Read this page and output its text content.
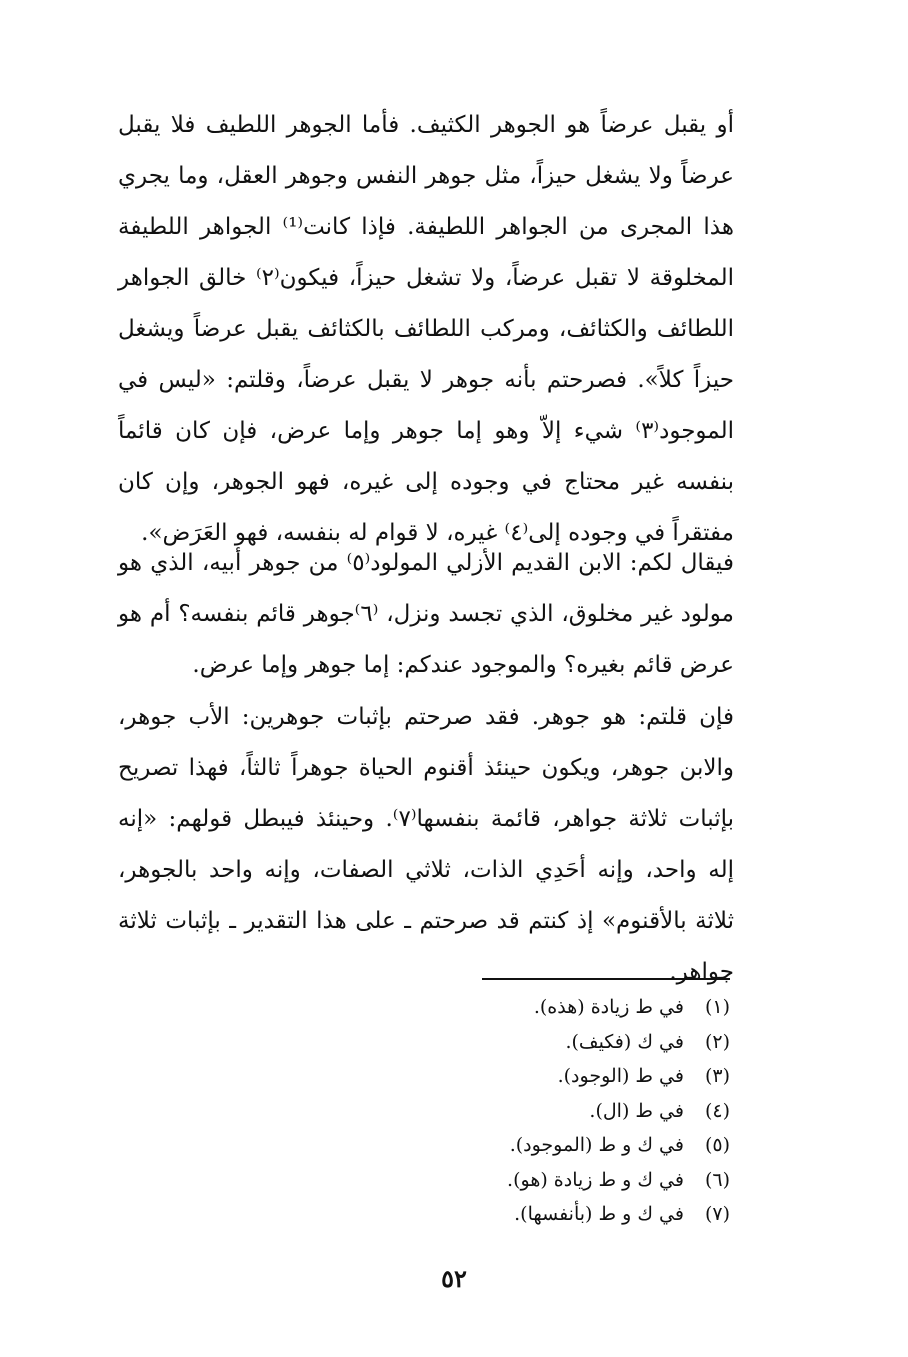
أو يقبل عرضاً هو الجوهر الكثيف. فأما الجوهر اللطيف فلا يقبل عرضاً ولا يشغل حيزاً، مثل جوهر النفس وجوهر العقل، وما يجري هذا المجرى من الجواهر اللطيفة. فإذا كانت⁽¹⁾ الجواهر اللطيفة المخلوقة لا تقبل عرضاً، ولا تشغل حيزاً، فيكون⁽٢⁾ خالق الجواهر اللطائف والكثائف، ومركب اللطائف بالكثائف يقبل عرضاً ويشغل حيزاً كلاً». فصرحتم بأنه جوهر لا يقبل عرضاً، وقلتم: «ليس في الموجود⁽٣⁾ شيء إلاّ وهو إما جوهر وإما عرض، فإن كان قائماً بنفسه غير محتاج في وجوده إلى غيره، فهو الجوهر، وإن كان مفتقراً في وجوده إلى⁽٤⁾ غيره، لا قوام له بنفسه، فهو العَرَض».

فيقال لكم: الابن القديم الأزلي المولود⁽٥⁾ من جوهر أبيه، الذي هو مولود غير مخلوق، الذي تجسد ونزل، ⁽٦⁾جوهر قائم بنفسه؟ أم هو عرض قائم بغيره؟ والموجود عندكم: إما جوهر وإما عرض.

فإن قلتم: هو جوهر. فقد صرحتم بإثبات جوهرين: الأب جوهر، والابن جوهر، ويكون حينئذ أقنوم الحياة جوهراً ثالثاً، فهذا تصريح بإثبات ثلاثة جواهر، قائمة بنفسها⁽٧⁾. وحينئذ فيبطل قولهم: «إنه إله واحد، وإنه أحَدِي الذات، ثلاثي الصفات، وإنه واحد بالجوهر، ثلاثة بالأقنوم» إذ كنتم قد صرحتم ـ على هذا التقدير ـ بإثبات ثلاثة جواهر.

(١) في ط زيادة (هذه).
(٢) في ك (فكيف).
(٣) في ط (الوجود).
(٤) في ط (ال).
(٥) في ك و ط (الموجود).
(٦) في ك و ط زيادة (هو).
(٧) في ك و ط (بأنفسها).
٥٢
